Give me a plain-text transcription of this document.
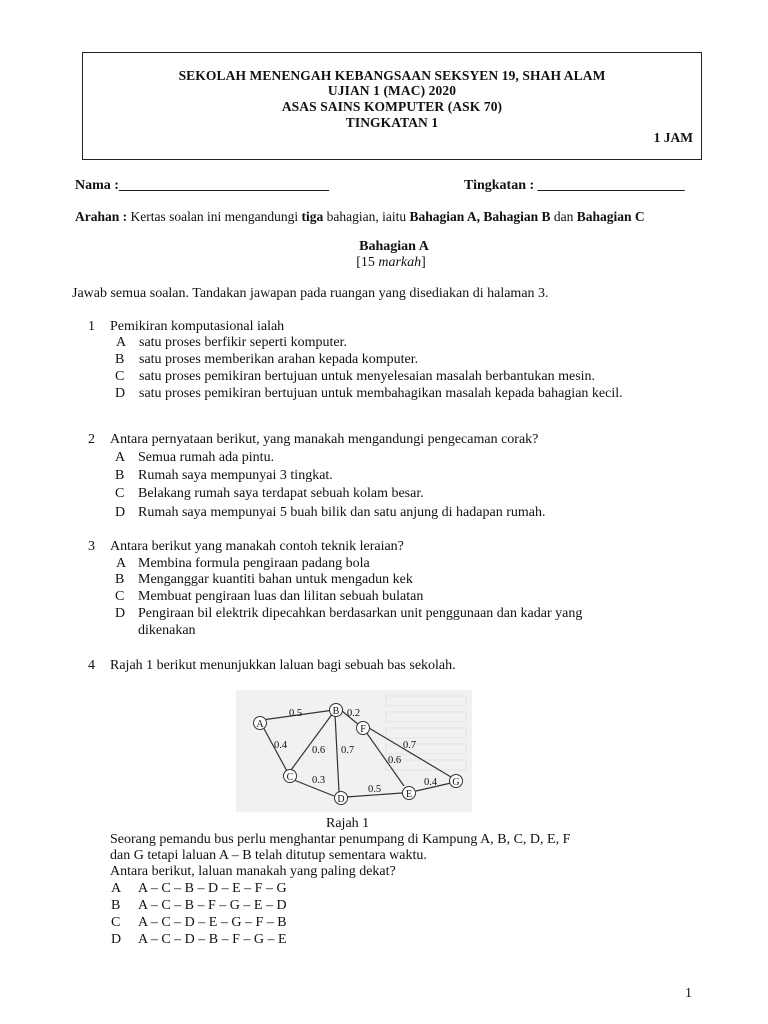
SEKOLAH MENENGAH KEBANGSAAN SEKSYEN 19, SHAH ALAM
UJIAN 1 (MAC) 2020
ASAS SAINS KOMPUTER (ASK 70)
TINGKATAN 1
1 JAM
Nama :______________________________	Tingkatan : _____________________
Arahan : Kertas soalan ini mengandungi tiga bahagian, iaitu Bahagian A, Bahagian B dan Bahagian C
Bahagian A
[15 markah]
Jawab semua soalan. Tandakan jawapan pada ruangan yang disediakan di halaman 3.
1 Pemikiran komputasional ialah
A satu proses berfikir seperti komputer.
B satu proses memberikan arahan kepada komputer.
C satu proses pemikiran bertujuan untuk menyelesaian masalah berbantukan mesin.
D satu proses pemikiran bertujuan untuk membahagikan masalah kepada bahagian kecil.
2 Antara pernyataan berikut, yang manakah mengandungi pengecaman corak?
A Semua rumah ada pintu.
B Rumah saya mempunyai 3 tingkat.
C Belakang rumah saya terdapat sebuah kolam besar.
D Rumah saya mempunyai 5 buah bilik dan satu anjung di hadapan rumah.
3 Antara berikut yang manakah contoh teknik leraian?
A Membina formula pengiraan padang bola
B Menganggar kuantiti bahan untuk mengadun kek
C Membuat pengiraan luas dan lilitan sebuah bulatan
D Pengiraan bil elektrik dipecahkan berdasarkan unit penggunaan dan kadar yang
dikenakan
4 Rajah 1 berikut menunjukkan laluan bagi sebuah bas sekolah.
A
B
C
D	E
F
G
0.5	0.2
0.4 0.6 0.7	0.7
0.6
0.3
0.5
0.4
Rajah 1
Seorang pemandu bus perlu menghantar penumpang di Kampung A, B, C, D, E, F
dan G tetapi laluan A – B telah ditutup sementara waktu.
Antara berikut, laluan manakah yang paling dekat?
A A – C – B – D – E – F – G
B A – C – B – F – G – E – D
C A – C – D – E – G – F – B
D A – C – D – B – F – G – E
1
